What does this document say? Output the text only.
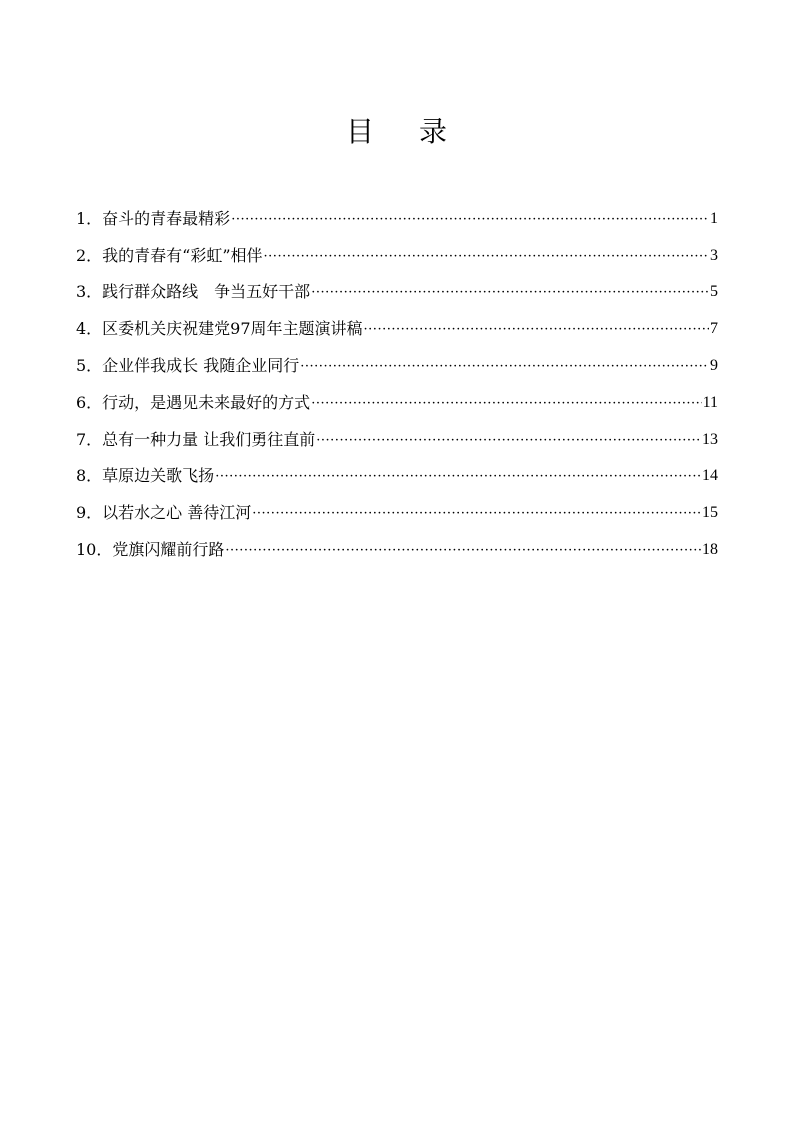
目 录
1．奋斗的青春最精彩 ·····	1
2．我的青春有“彩虹”相伴 ·····	3
3．践行群众路线　争当五好干部 ·····	5
4．区委机关庆祝建党97周年主题演讲稿 ·····	7
5．企业伴我成长 我随企业同行 ·····	9
6．行动，是遇见未来最好的方式 ·····	11
7．总有一种力量 让我们勇往直前 ·····	13
8．草原边关歌飞扬 ·····	14
9．以若水之心 善待江河 ·····	15
10．党旗闪耀前行路 ·····	18
